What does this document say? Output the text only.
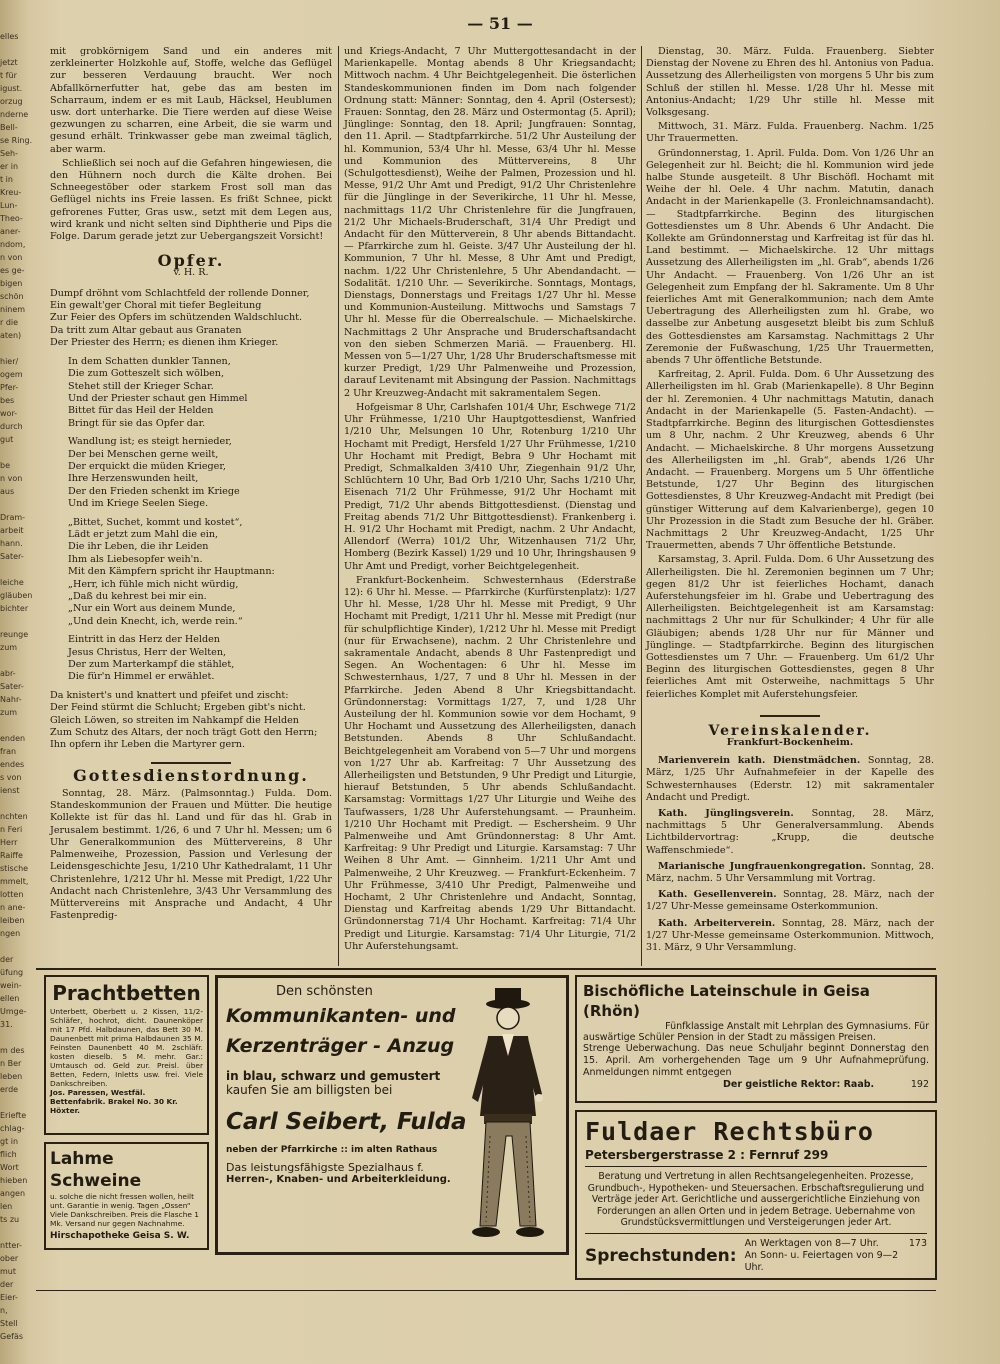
elles

jetzt
t für
igust.
orzug
nderne
Bell-
se Ring.
Seh-
er in
t in
Kreu-
Lun-
Theo-
aner-
ndom,
n von
es ge-
bigen
schön
ninem
r die
aten)

hier/
ogem
Pfer-
bes
wor-
durch
gut

be
n von
aus

Dram-
arbeit
hann.
Sater-

leiche
gläuben
bichter

reunge
zum

abr-
Sater-
Nahr-
zum

enden
fran
endes
s von
ienst

nchten
n Feri
Herr
Raiffe
stische
mmelt,
lotten
n ane-
leiben
ngen

der
üfung
wein-
ellen
Umge-
31.

m des
n Ber
leben
erde

Eriefte
chlag-
gt in
flich
Wort
hieben
angen
len
ts zu

ntter-
ober
mut
der
Eier-
n,
Stell
Gefäs
— 51 —

mit grobkörnigem Sand und ein anderes mit zerkleinerter Holzkohle auf, Stoffe, welche das Geflügel zur besseren Verdauung braucht. Wer noch Abfallkörnerfutter hat, gebe das am besten im Scharraum, indem er es mit Laub, Häcksel, Heublumen usw. dort unterharke. Die Tiere werden auf diese Weise gezwungen zu scharren, eine Arbeit, die sie warm und gesund erhält. Trinkwasser gebe man zweimal täglich, aber warm.

Schließlich sei noch auf die Gefahren hingewiesen, die den Hühnern noch durch die Kälte drohen. Bei Schneegestöber oder starkem Frost soll man das Geflügel nichts ins Freie lassen. Es frißt Schnee, pickt gefrorenes Futter, Gras usw., setzt mit dem Legen aus, wird krank und nicht selten sind Diphtherie und Pips die Folge. Darum gerade jetzt zur Uebergangszeit Vorsicht!

Opfer.
v. H. R.
Dumpf dröhnt vom Schlachtfeld der rollende Donner,
Ein gewalt'ger Choral mit tiefer Begleitung
Zur Feier des Opfers im schützenden Waldschlucht.
Da tritt zum Altar gebaut aus Granaten
Der Priester des Herrn; es dienen ihm Krieger.
In dem Schatten dunkler Tannen,
Die zum Gotteszelt sich wölben,
Stehet still der Krieger Schar.
Und der Priester schaut gen Himmel
Bittet für das Heil der Helden
Bringt für sie das Opfer dar.
Wandlung ist; es steigt hernieder,
Der bei Menschen gerne weilt,
Der erquickt die müden Krieger,
Ihre Herzenswunden heilt,
Der den Frieden schenkt im Kriege
Und im Kriege Seelen Siege.
„Bittet, Suchet, kommt und kostet“,
Lädt er jetzt zum Mahl die ein,
Die ihr Leben, die ihr Leiden
Ihm als Liebesopfer weih'n.
Mit den Kämpfern spricht ihr Hauptmann:
„Herr, ich fühle mich nicht würdig,
„Daß du kehrest bei mir ein.
„Nur ein Wort aus deinem Munde,
„Und dein Knecht, ich, werde rein.“
Eintritt in das Herz der Helden
Jesus Christus, Herr der Welten,
Der zum Marterkampf die stählet,
Die für'n Himmel er erwählet.
Da knistert's und knattert und pfeifet und zischt:
Der Feind stürmt die Schlucht; Ergeben gibt's nicht.
Gleich Löwen, so streiten im Nahkampf die Helden
Zum Schutz des Altars, der noch trägt Gott den Herrn;
Ihn opfern ihr Leben die Martyrer gern.
Gottesdienstordnung.

Sonntag, 28. März. (Palmsonntag.) Fulda. Dom. Standeskommunion der Frauen und Mütter. Die heutige Kollekte ist für das hl. Land und für das hl. Grab in Jerusalem bestimmt. 1/26, 6 und 7 Uhr hl. Messen; um 6 Uhr Generalkommunion des Müttervereins, 8 Uhr Palmenweihe, Prozession, Passion und Verlesung der Leidensgeschichte Jesu, 1/210 Uhr Kathedralamt, 11 Uhr Christenlehre, 1/212 Uhr hl. Messe mit Predigt, 1/22 Uhr Andacht nach Christenlehre, 3/43 Uhr Versammlung des Müttervereins mit Ansprache und Andacht, 4 Uhr Fastenpredig-

und Kriegs-Andacht, 7 Uhr Muttergottesandacht in der Marienkapelle. Montag abends 8 Uhr Kriegsandacht; Mittwoch nachm. 4 Uhr Beichtgelegenheit. Die österlichen Standeskommunionen finden im Dom nach folgender Ordnung statt: Männer: Sonntag, den 4. April (Ostersest); Frauen: Sonntag, den 28. März und Ostermontag (5. April); Jünglinge: Sonntag, den 18. April; Jungfrauen: Sonntag, den 11. April. — Stadtpfarrkirche. 51/2 Uhr Austeilung der hl. Kommunion, 53/4 Uhr hl. Messe, 63/4 Uhr hl. Messe und Kommunion des Müttervereins, 8 Uhr (Schulgottesdienst), Weihe der Palmen, Prozession und hl. Messe, 91/2 Uhr Amt und Predigt, 91/2 Uhr Christenlehre für die Jünglinge in der Severikirche, 11 Uhr hl. Messe, nachmittags 11/2 Uhr Christenlehre für die Jungfrauen, 21/2 Uhr Michaels-Bruderschaft, 31/4 Uhr Predigt und Andacht für den Mütterverein, 8 Uhr abends Bittandacht. — Pfarrkirche zum hl. Geiste. 3/47 Uhr Austeilung der hl. Kommunion, 7 Uhr hl. Messe, 8 Uhr Amt und Predigt, nachm. 1/22 Uhr Christenlehre, 5 Uhr Abendandacht. — Sodalität. 1/210 Uhr. — Severikirche. Sonntags, Montags, Dienstags, Donnerstags und Freitags 1/27 Uhr hl. Messe und Kommunion-Austeilung. Mittwochs und Samstags 7 Uhr hl. Messe für die Oberrealschule. — Michaelskirche. Nachmittags 2 Uhr Ansprache und Bruderschaftsandacht von den sieben Schmerzen Mariä. — Frauenberg. Hl. Messen von 5—1/27 Uhr, 1/28 Uhr Bruderschaftsmesse mit kurzer Predigt, 1/29 Uhr Palmenweihe und Prozession, darauf Levitenamt mit Absingung der Passion. Nachmittags 2 Uhr Kreuzweg-Andacht mit sakramentalem Segen.

Hofgeismar 8 Uhr, Carlshafen 101/4 Uhr, Eschwege 71/2 Uhr Frühmesse, 1/210 Uhr Hauptgottesdienst, Wanfried 1/210 Uhr, Melsungen 10 Uhr, Rotenburg 1/210 Uhr Hochamt mit Predigt, Hersfeld 1/27 Uhr Frühmesse, 1/210 Uhr Hochamt mit Predigt, Bebra 9 Uhr Hochamt mit Predigt, Schmalkalden 3/410 Uhr, Ziegenhain 91/2 Uhr, Schlüchtern 10 Uhr, Bad Orb 1/210 Uhr, Sachs 1/210 Uhr, Eisenach 71/2 Uhr Frühmesse, 91/2 Uhr Hochamt mit Predigt, 71/2 Uhr abends Bittgottesdienst. (Dienstag und Freitag abends 71/2 Uhr Bittgottesdienst). Frankenberg i. H. 91/2 Uhr Hochamt mit Predigt, nachm. 2 Uhr Andacht, Allendorf (Werra) 101/2 Uhr, Witzenhausen 71/2 Uhr, Homberg (Bezirk Kassel) 1/29 und 10 Uhr, Ihringshausen 9 Uhr Amt und Predigt, vorher Beichtgelegenheit.

Frankfurt-Bockenheim. Schwesternhaus (Ederstraße 12): 6 Uhr hl. Messe. — Pfarrkirche (Kurfürstenplatz): 1/27 Uhr hl. Messe, 1/28 Uhr hl. Messe mit Predigt, 9 Uhr Hochamt mit Predigt, 1/211 Uhr hl. Messe mit Predigt (nur für schulpflichtige Kinder), 1/212 Uhr hl. Messe mit Predigt (nur für Erwachsene), nachm. 2 Uhr Christenlehre und sakramentale Andacht, abends 8 Uhr Fastenpredigt und Segen. An Wochentagen: 6 Uhr hl. Messe im Schwesternhaus, 1/27, 7 und 8 Uhr hl. Messen in der Pfarrkirche. Jeden Abend 8 Uhr Kriegsbittandacht. Gründonnerstag: Vormittags 1/27, 7, und 1/28 Uhr Austeilung der hl. Kommunion sowie vor dem Hochamt, 9 Uhr Hochamt und Aussetzung des Allerheiligsten, danach Betstunden. Abends 8 Uhr Schlußandacht. Beichtgelegenheit am Vorabend von 5—7 Uhr und morgens von 1/27 Uhr ab. Karfreitag: 7 Uhr Aussetzung des Allerheiligsten und Betstunden, 9 Uhr Predigt und Liturgie, hierauf Betstunden, 5 Uhr abends Schlußandacht. Karsamstag: Vormittags 1/27 Uhr Liturgie und Weihe des Taufwassers, 1/28 Uhr Auferstehungsamt. — Praunheim. 1/210 Uhr Hochamt mit Predigt. — Eschersheim. 9 Uhr Palmenweihe und Amt Gründonnerstag: 8 Uhr Amt. Karfreitag: 9 Uhr Predigt und Liturgie. Karsamstag: 7 Uhr Weihen 8 Uhr Amt. — Ginnheim. 1/211 Uhr Amt und Palmenweihe, 2 Uhr Kreuzweg. — Frankfurt-Eckenheim. 7 Uhr Frühmesse, 3/410 Uhr Predigt, Palmenweihe und Hochamt, 2 Uhr Christenlehre und Andacht, Sonntag, Dienstag und Karfreitag abends 1/29 Uhr Bittandacht. Gründonnerstag 71/4 Uhr Hochamt. Karfreitag: 71/4 Uhr Predigt und Liturgie. Karsamstag: 71/4 Uhr Liturgie, 71/2 Uhr Auferstehungsamt.

Dienstag, 30. März. Fulda. Frauenberg. Siebter Dienstag der Novene zu Ehren des hl. Antonius von Padua. Aussetzung des Allerheiligsten von morgens 5 Uhr bis zum Schluß der stillen hl. Messe. 1/28 Uhr hl. Messe mit Antonius-Andacht; 1/29 Uhr stille hl. Messe mit Volksgesang.

Mittwoch, 31. März. Fulda. Frauenberg. Nachm. 1/25 Uhr Trauermetten.

Gründonnerstag, 1. April. Fulda. Dom. Von 1/26 Uhr an Gelegenheit zur hl. Beicht; die hl. Kommunion wird jede halbe Stunde ausgeteilt. 8 Uhr Bischöfl. Hochamt mit Weihe der hl. Oele. 4 Uhr nachm. Matutin, danach Andacht in der Marienkapelle (3. Fronleichnamsandacht). — Stadtpfarrkirche. Beginn des liturgischen Gottesdienstes um 8 Uhr. Abends 6 Uhr Andacht. Die Kollekte am Gründonnerstag und Karfreitag ist für das hl. Land bestimmt. — Michaelskirche. 12 Uhr mittags Aussetzung des Allerheiligsten im „hl. Grab“, abends 1/26 Uhr Andacht. — Frauenberg. Von 1/26 Uhr an ist Gelegenheit zum Empfang der hl. Sakramente. Um 8 Uhr feierliches Amt mit Generalkommunion; nach dem Amte Uebertragung des Allerheiligsten zum hl. Grabe, wo dasselbe zur Anbetung ausgesetzt bleibt bis zum Schluß des Gottesdienstes am Karsamstag. Nachmittags 2 Uhr Zeremonie der Fußwaschung, 1/25 Uhr Trauermetten, abends 7 Uhr öffentliche Betstunde.

Karfreitag, 2. April. Fulda. Dom. 6 Uhr Aussetzung des Allerheiligsten im hl. Grab (Marienkapelle). 8 Uhr Beginn der hl. Zeremonien. 4 Uhr nachmittags Matutin, danach Andacht in der Marienkapelle (5. Fasten-Andacht). — Stadtpfarrkirche. Beginn des liturgischen Gottesdienstes um 8 Uhr, nachm. 2 Uhr Kreuzweg, abends 6 Uhr Andacht. — Michaelskirche. 8 Uhr morgens Aussetzung des Allerheiligsten im „hl. Grab“, abends 1/26 Uhr Andacht. — Frauenberg. Morgens um 5 Uhr öffentliche Betstunde, 1/27 Uhr Beginn des liturgischen Gottesdienstes, 8 Uhr Kreuzweg-Andacht mit Predigt (bei günstiger Witterung auf dem Kalvarienberge), gegen 10 Uhr Prozession in die Stadt zum Besuche der hl. Gräber. Nachmittags 2 Uhr Kreuzweg-Andacht, 1/25 Uhr Trauermetten, abends 7 Uhr öffentliche Betstunde.

Karsamstag, 3. April. Fulda. Dom. 6 Uhr Aussetzung des Allerheiligsten. Die hl. Zeremonien beginnen um 7 Uhr; gegen 81/2 Uhr ist feierliches Hochamt, danach Auferstehungsfeier im hl. Grabe und Uebertragung des Allerheiligsten. Beichtgelegenheit ist am Karsamstag: nachmittags 2 Uhr nur für Schulkinder; 4 Uhr für alle Gläubigen; abends 1/28 Uhr nur für Männer und Jünglinge. — Stadtpfarrkirche. Beginn des liturgischen Gottesdienstes um 7 Uhr. — Frauenberg. Um 61/2 Uhr Beginn des liturgischen Gottesdienstes, gegen 8 Uhr feierliches Amt mit Osterweihe, nachmittags 5 Uhr feierliches Komplet mit Auferstehungsfeier.

Vereinskalender.
Frankfurt-Bockenheim.

Marienverein kath. Dienstmädchen. Sonntag, 28. März, 1/25 Uhr Aufnahmefeier in der Kapelle des Schwesternhauses (Ederstr. 12) mit sakramentaler Andacht und Predigt.

Kath. Jünglingsverein. Sonntag, 28. März, nachmittags 5 Uhr Generalversammlung. Abends Lichtbildervortrag: „Krupp, die deutsche Waffenschmiede“.

Marianische Jungfrauenkongregation. Sonntag, 28. März, nachm. 5 Uhr Versammlung mit Vortrag.

Kath. Gesellenverein. Sonntag, 28. März, nach der 1/27 Uhr-Messe gemeinsame Osterkommunion.

Kath. Arbeiterverein. Sonntag, 28. März, nach der 1/27 Uhr-Messe gemeinsame Osterkommunion. Mittwoch, 31. März, 9 Uhr Versammlung.

Prachtbetten
Unterbett, Oberbett u. 2 Kissen, 11/2-Schläfer, hochrot, dicht. Daunenköper mit 17 Pfd. Halbdaunen, das Bett 30 M. Daunenbett mit prima Halbdaunen 35 M. Feinsten Daunenbett 40 M. 2schläfr. kosten dieselb. 5 M. mehr. Gar.: Umtausch od. Geld zur. Preisl. über Betten, Federn, Inletts usw. frei. Viele Dankschreiben.
Jos. Paressen, Westfäl. Bettenfabrik. Brakel No. 30 Kr. Höxter.
Lahme Schweine
u. solche die nicht fressen wollen, heilt unt. Garantie in wenig. Tagen „Ossen“ Viele Dankschreiben. Preis die Flasche 1 Mk. Versand nur gegen Nachnahme.
Hirschapotheke Geisa S. W.
Den schönsten
Kommunikanten- und
Kerzenträger - Anzug
in blau, schwarz und gemustert
kaufen Sie am billigsten bei
Carl Seibert, Fulda
neben der Pfarrkirche :: im alten Rathaus
Das leistungsfähigste Spezialhaus f.
Herren-, Knaben- und Arbeiterkleidung.
Bischöfliche Lateinschule in Geisa (Rhön)
Fünfklassige Anstalt mit Lehrplan des Gymnasiums. Für
auswärtige Schüler Pension in der Stadt zu mässigen Preisen.
Strenge Ueberwachung. Das neue Schuljahr beginnt Donnerstag den 15. April. Am vorhergehenden Tage um 9 Uhr Aufnahmeprüfung. Anmeldungen nimmt entgegen
Der geistliche Rektor: Raab.	192
Fuldaer Rechtsbüro
Petersbergerstrasse 2 : Fernruf 299
Beratung und Vertretung in allen Rechtsangelegenheiten. Prozesse, Grundbuch-, Hypotheken- und Steuersachen. Erbschaftsregulierung und Verträge jeder Art. Gerichtliche und aussergerichtliche Einziehung von Forderungen an allen Orten und in jedem Betrage. Uebernahme von Grundstücksvermittlungen und Versteigerungen jeder Art.
Sprechstunden:
An Werktagen von 8—7 Uhr.
An Sonn- u. Feiertagen von 9—2 Uhr.
173
